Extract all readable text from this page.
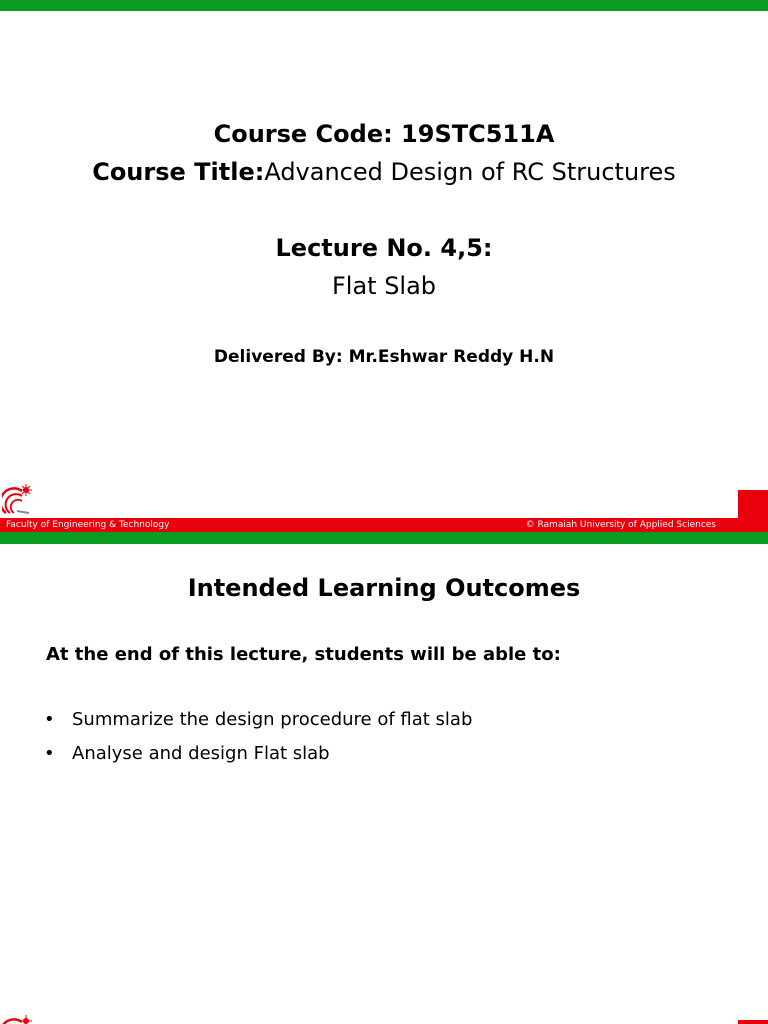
Course Code: 19STC511A
Course Title:Advanced Design of RC Structures
Lecture No. 4,5:
Flat Slab
Delivered By: Mr.Eshwar Reddy H.N
Faculty of Engineering & Technology	© Ramaiah University of Applied Sciences
Intended Learning Outcomes
At the end of this lecture, students will be able to:
• Summarize the design procedure of flat slab
• Analyse and design Flat slab
